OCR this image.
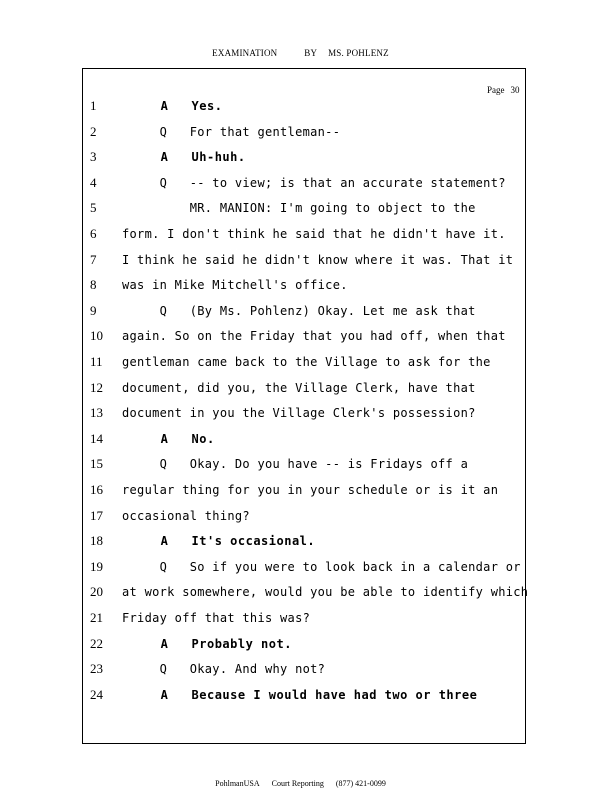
EXAMINATION	BY MS. POHLENZ
Page 30
1	A   Yes.
2	Q   For that gentleman--
3	A   Uh-huh.
4	Q   -- to view; is that an accurate statement?
5	MR. MANION: I'm going to object to the
6	form. I don't think he said that he didn't have it.
7	I think he said he didn't know where it was. That it
8	was in Mike Mitchell's office.
9	Q   (By Ms. Pohlenz) Okay. Let me ask that
10 again. So on the Friday that you had off, when that
11 gentleman came back to the Village to ask for the
12 document, did you, the Village Clerk, have that
13 document in you the Village Clerk's possession?
14 A   No.
15 Q   Okay. Do you have -- is Fridays off a
16 regular thing for you in your schedule or is it an
17 occasional thing?
18 A   It's occasional.
19 Q   So if you were to look back in a calendar or
20 at work somewhere, would you be able to identify which
21 Friday off that this was?
22 A   Probably not.
23 Q   Okay. And why not?
24 A   Because I would have had two or three
PohlmanUSA Court Reporting (877) 421-0099
